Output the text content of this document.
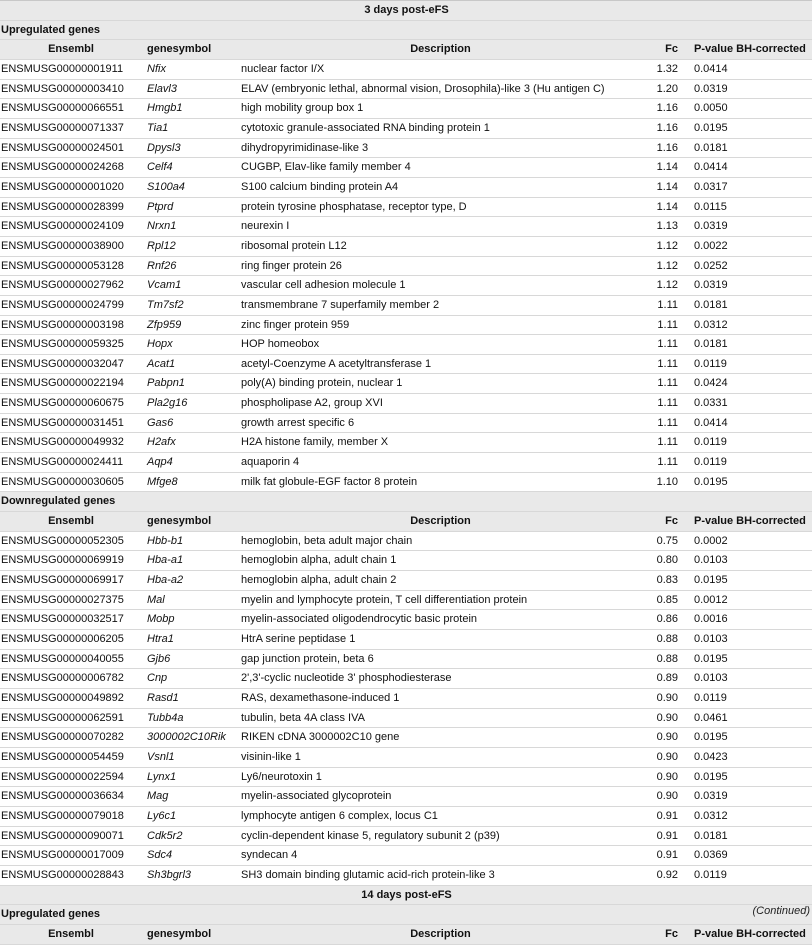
3 days post-eFS				
Upregulated genes				
Ensembl	genesymbol	Description	Fc	P-value BH-corrected
ENSMUSG00000001911	Nfix	nuclear factor I/X	1.32	0.0414
ENSMUSG00000003410	Elavl3	ELAV (embryonic lethal, abnormal vision, Drosophila)-like 3 (Hu antigen C)	1.20	0.0319
ENSMUSG00000066551	Hmgb1	high mobility group box 1	1.16	0.0050
ENSMUSG00000071337	Tia1	cytotoxic granule-associated RNA binding protein 1	1.16	0.0195
ENSMUSG00000024501	Dpysl3	dihydropyrimidinase-like 3	1.16	0.0181
ENSMUSG00000024268	Celf4	CUGBP, Elav-like family member 4	1.14	0.0414
ENSMUSG00000001020	S100a4	S100 calcium binding protein A4	1.14	0.0317
ENSMUSG00000028399	Ptprd	protein tyrosine phosphatase, receptor type, D	1.14	0.0115
ENSMUSG00000024109	Nrxn1	neurexin I	1.13	0.0319
ENSMUSG00000038900	Rpl12	ribosomal protein L12	1.12	0.0022
ENSMUSG00000053128	Rnf26	ring finger protein 26	1.12	0.0252
ENSMUSG00000027962	Vcam1	vascular cell adhesion molecule 1	1.12	0.0319
ENSMUSG00000024799	Tm7sf2	transmembrane 7 superfamily member 2	1.11	0.0181
ENSMUSG00000003198	Zfp959	zinc finger protein 959	1.11	0.0312
ENSMUSG00000059325	Hopx	HOP homeobox	1.11	0.0181
ENSMUSG00000032047	Acat1	acetyl-Coenzyme A acetyltransferase 1	1.11	0.0119
ENSMUSG00000022194	Pabpn1	poly(A) binding protein, nuclear 1	1.11	0.0424
ENSMUSG00000060675	Pla2g16	phospholipase A2, group XVI	1.11	0.0331
ENSMUSG00000031451	Gas6	growth arrest specific 6	1.11	0.0414
ENSMUSG00000049932	H2afx	H2A histone family, member X	1.11	0.0119
ENSMUSG00000024411	Aqp4	aquaporin 4	1.11	0.0119
ENSMUSG00000030605	Mfge8	milk fat globule-EGF factor 8 protein	1.10	0.0195
Downregulated genes				
Ensembl	genesymbol	Description	Fc	P-value BH-corrected
ENSMUSG00000052305	Hbb-b1	hemoglobin, beta adult major chain	0.75	0.0002
ENSMUSG00000069919	Hba-a1	hemoglobin alpha, adult chain 1	0.80	0.0103
ENSMUSG00000069917	Hba-a2	hemoglobin alpha, adult chain 2	0.83	0.0195
ENSMUSG00000027375	Mal	myelin and lymphocyte protein, T cell differentiation protein	0.85	0.0012
ENSMUSG00000032517	Mobp	myelin-associated oligodendrocytic basic protein	0.86	0.0016
ENSMUSG00000006205	Htra1	HtrA serine peptidase 1	0.88	0.0103
ENSMUSG00000040055	Gjb6	gap junction protein, beta 6	0.88	0.0195
ENSMUSG00000006782	Cnp	2',3'-cyclic nucleotide 3' phosphodiesterase	0.89	0.0103
ENSMUSG00000049892	Rasd1	RAS, dexamethasone-induced 1	0.90	0.0119
ENSMUSG00000062591	Tubb4a	tubulin, beta 4A class IVA	0.90	0.0461
ENSMUSG00000070282	3000002C10Rik	RIKEN cDNA 3000002C10 gene	0.90	0.0195
ENSMUSG00000054459	Vsnl1	visinin-like 1	0.90	0.0423
ENSMUSG00000022594	Lynx1	Ly6/neurotoxin 1	0.90	0.0195
ENSMUSG00000036634	Mag	myelin-associated glycoprotein	0.90	0.0319
ENSMUSG00000079018	Ly6c1	lymphocyte antigen 6 complex, locus C1	0.91	0.0312
ENSMUSG00000090071	Cdk5r2	cyclin-dependent kinase 5, regulatory subunit 2 (p39)	0.91	0.0181
ENSMUSG00000017009	Sdc4	syndecan 4	0.91	0.0369
ENSMUSG00000028843	Sh3bgrl3	SH3 domain binding glutamic acid-rich protein-like 3	0.92	0.0119
14 days post-eFS				
Upregulated genes				
Ensembl	genesymbol	Description	Fc	P-value BH-corrected
(Continued)
